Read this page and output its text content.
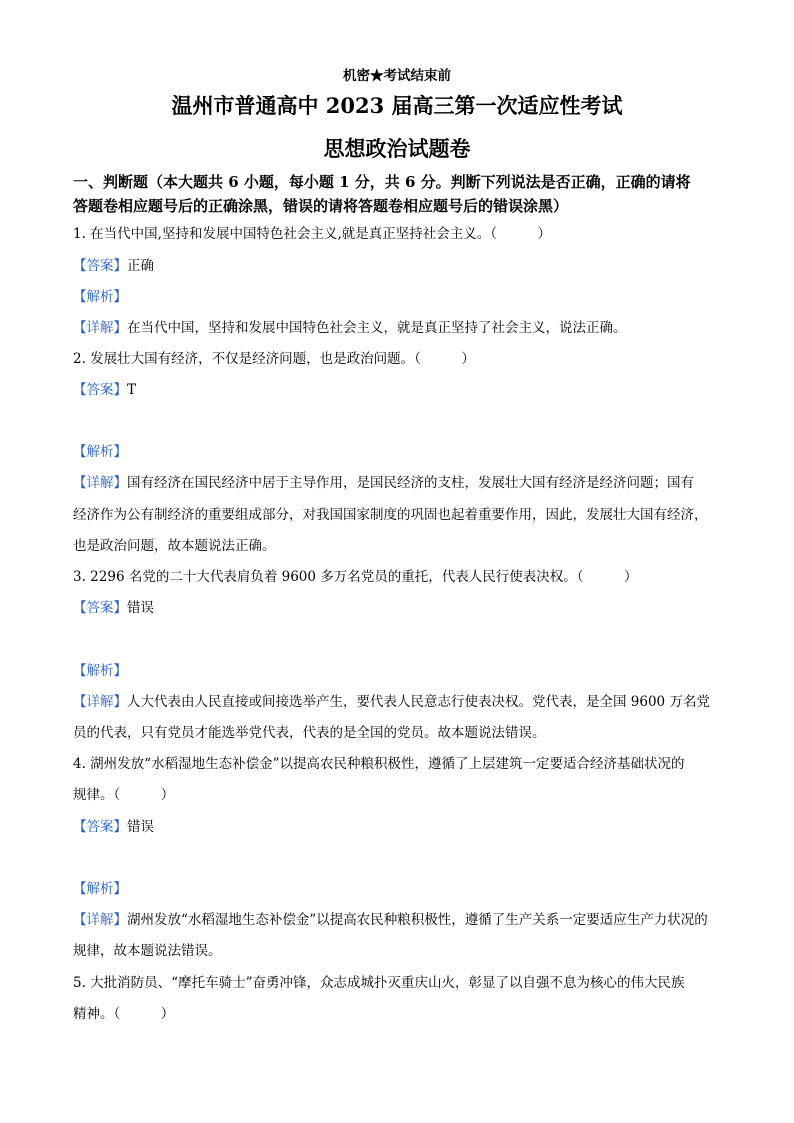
机密★考试结束前
温州市普通高中 2023 届高三第一次适应性考试
思想政治试题卷
一、判断题（本大题共 6 小题，每小题 1 分，共 6 分。判断下列说法是否正确，正确的请将
答题卷相应题号后的正确涂黑，错误的请将答题卷相应题号后的错误涂黑）
1. 在当代中国,坚持和发展中国特色社会主义,就是真正坚持社会主义。（　　　）
【答案】正确
【解析】
【详解】在当代中国，坚持和发展中国特色社会主义，就是真正坚持了社会主义，说法正确。
2. 发展壮大国有经济，不仅是经济问题，也是政治问题。（　　　）
【答案】T
【解析】
【详解】国有经济在国民经济中居于主导作用，是国民经济的支柱，发展壮大国有经济是经济问题；国有
经济作为公有制经济的重要组成部分，对我国国家制度的巩固也起着重要作用，因此，发展壮大国有经济，
也是政治问题，故本题说法正确。
3. 2296 名党的二十大代表肩负着 9600 多万名党员的重托，代表人民行使表决权。（　　　）
【答案】错误
【解析】
【详解】人大代表由人民直接或间接选举产生，要代表人民意志行使表决权。党代表，是全国 9600 万名党
员的代表，只有党员才能选举党代表，代表的是全国的党员。故本题说法错误。
4. 湖州发放“水稻湿地生态补偿金”以提高农民种粮积极性，遵循了上层建筑一定要适合经济基础状况的
规律。（　　　）
【答案】错误
【解析】
【详解】湖州发放“水稻湿地生态补偿金”以提高农民种粮积极性，遵循了生产关系一定要适应生产力状况的
规律，故本题说法错误。
5. 大批消防员、“摩托车骑士”奋勇冲锋，众志成城扑灭重庆山火，彰显了以自强不息为核心的伟大民族
精神。（　　　）
